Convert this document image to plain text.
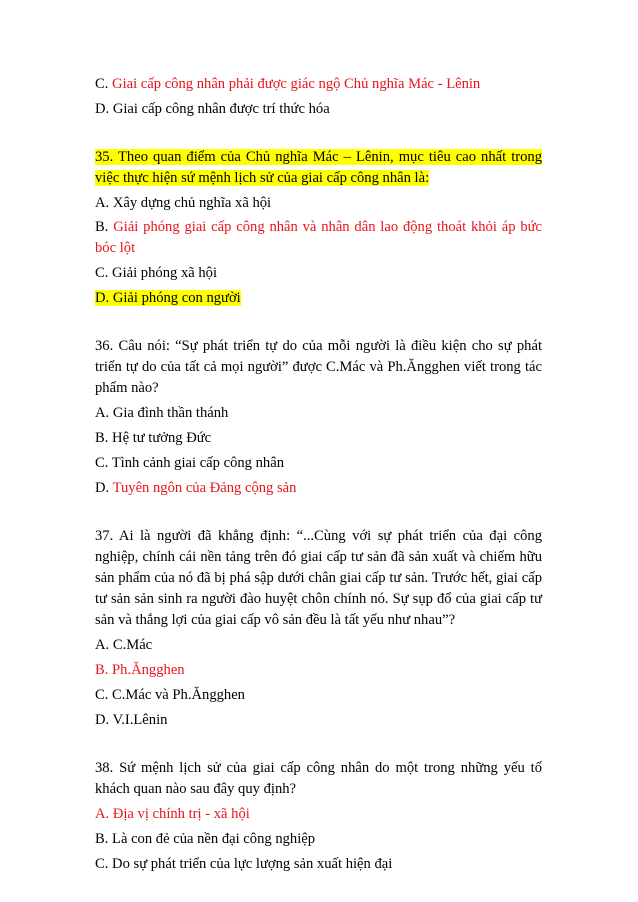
C. Giai cấp công nhân phải được giác ngộ Chủ nghĩa Mác - Lênin

D. Giai cấp công nhân được trí thức hóa

35. Theo quan điểm của Chủ nghĩa Mác – Lênin, mục tiêu cao nhất trong việc thực hiện sứ mệnh lịch sử của giai cấp công nhân là:

A. Xây dựng chủ nghĩa xã hội

B. Giải phóng giai cấp công nhân và nhân dân lao động thoát khỏi áp bức bóc lột

C. Giải phóng xã hội

D. Giải phóng con người

36. Câu nói: “Sự phát triển tự do của mỗi người là điều kiện cho sự phát triển tự do của tất cả mọi người” được C.Mác và Ph.Ăngghen viết trong tác phẩm nào?

A. Gia đình thần thánh

B. Hệ tư tưởng Đức

C. Tình cảnh giai cấp công nhân

D. Tuyên ngôn của Đảng cộng sản

37. Ai là người đã khẳng định: “...Cùng với sự phát triển của đại công nghiệp, chính cái nền tảng trên đó giai cấp tư sản đã sản xuất và chiếm hữu sản phẩm của nó đã bị phá sập dưới chân giai cấp tư sản. Trước hết, giai cấp tư sản sản sinh ra người đào huyệt chôn chính nó. Sự sụp đổ của giai cấp tư sản và thắng lợi của giai cấp vô sản đều là tất yếu như nhau”?

A. C.Mác

B. Ph.Ăngghen

C. C.Mác và Ph.Ăngghen

D. V.I.Lênin

38. Sứ mệnh lịch sử của giai cấp công nhân do một trong những yếu tố khách quan nào sau đây quy định?

A. Địa vị chính trị - xã hội

B. Là con đẻ của nền đại công nghiệp

C. Do sự phát triển của lực lượng sản xuất hiện đại
